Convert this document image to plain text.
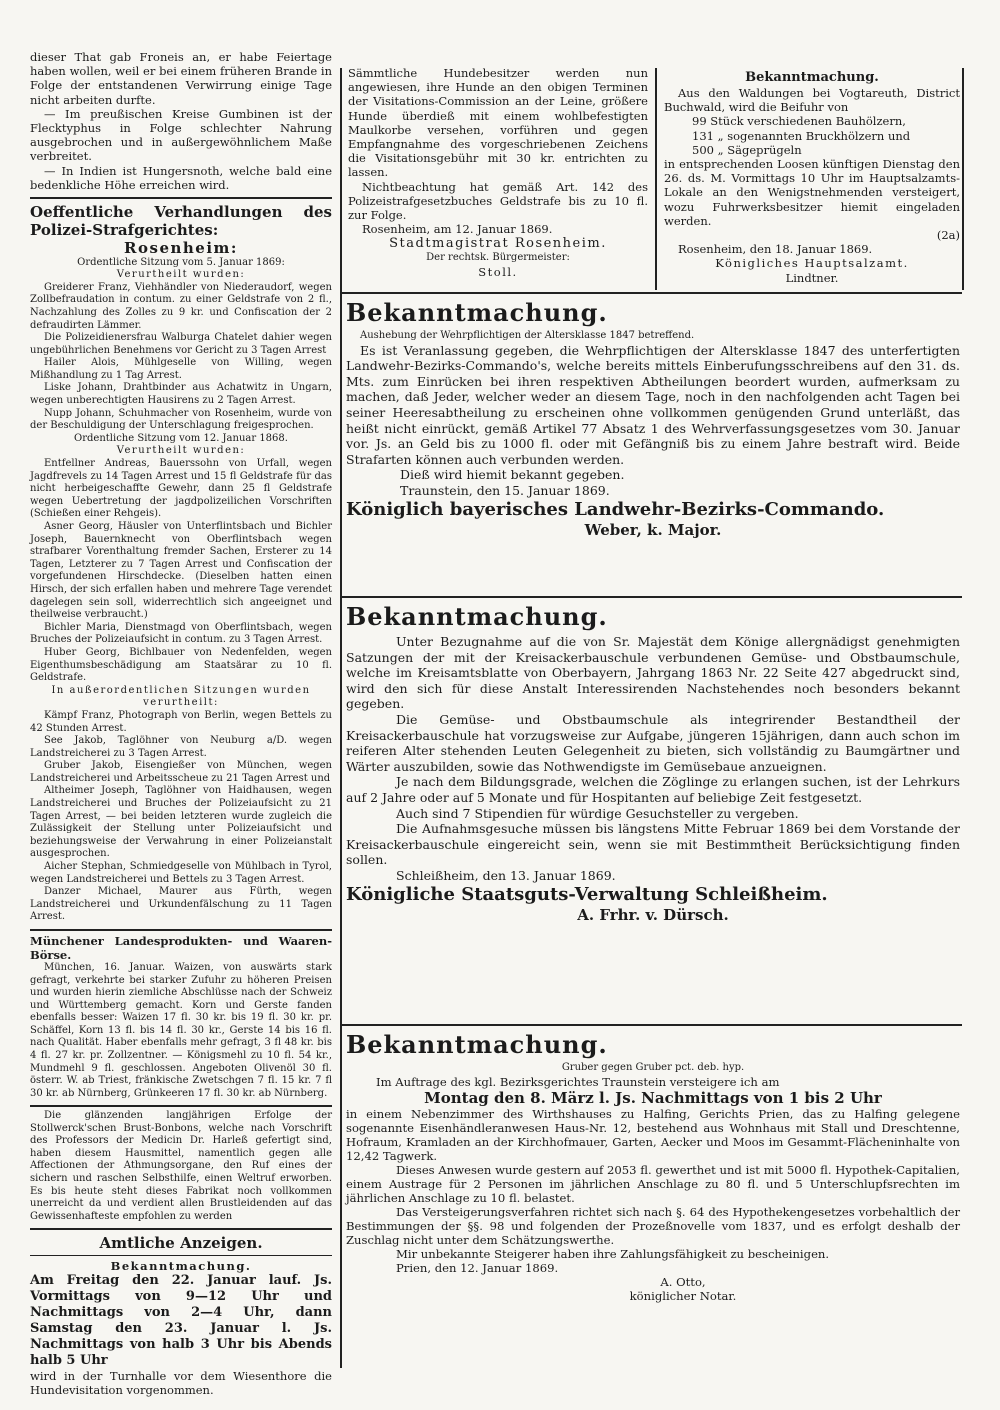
dieser That gab Froneis an, er habe Feiertage haben wollen, weil er bei einem früheren Brande in Folge der entstandenen Verwirrung einige Tage nicht arbeiten durfte.

— Im preußischen Kreise Gumbinen ist der Flecktyphus in Folge schlechter Nahrung ausgebrochen und in außergewöhnlichem Maße verbreitet.

— In Indien ist Hungersnoth, welche bald eine bedenkliche Höhe erreichen wird.

Oeffentliche Verhandlungen des Polizei-Strafgerichtes:

Rosenheim:

Ordentliche Sitzung vom 5. Januar 1869:

Verurtheilt wurden:

Greiderer Franz, Viehhändler von Niederaudorf, wegen Zollbefraudation in contum. zu einer Geldstrafe von 2 fl., Nachzahlung des Zolles zu 9 kr. und Confiscation der 2 defraudirten Lämmer.

Die Polizeidienersfrau Walburga Chatelet dahier wegen ungebührlichen Benehmens vor Gericht zu 3 Tagen Arrest

Hailer Alois, Mühlgeselle von Willing, wegen Mißhandlung zu 1 Tag Arrest.

Liske Johann, Drahtbinder aus Achatwitz in Ungarn, wegen unberechtigten Hausirens zu 2 Tagen Arrest.

Nupp Johann, Schuhmacher von Rosenheim, wurde von der Beschuldigung der Unterschlagung freigesprochen.

Ordentliche Sitzung vom 12. Januar 1868.

Verurtheilt wurden:

Entfellner Andreas, Bauerssohn von Urfall, wegen Jagdfrevels zu 14 Tagen Arrest und 15 fl Geldstrafe für das nicht herbeigeschaffte Gewehr, dann 25 fl Geldstrafe wegen Uebertretung der jagdpolizeilichen Vorschriften (Schießen einer Rehgeis).

Asner Georg, Häusler von Unterflintsbach und Bichler Joseph, Bauernknecht von Oberflintsbach wegen strafbarer Vorenthaltung fremder Sachen, Ersterer zu 14 Tagen, Letzterer zu 7 Tagen Arrest und Confiscation der vorgefundenen Hirschdecke. (Dieselben hatten einen Hirsch, der sich erfallen haben und mehrere Tage verendet dagelegen sein soll, widerrechtlich sich angeeignet und theilweise verbraucht.)

Bichler Maria, Dienstmagd von Oberflintsbach, wegen Bruches der Polizeiaufsicht in contum. zu 3 Tagen Arrest.

Huber Georg, Bichlbauer von Nedenfelden, wegen Eigenthumsbeschädigung am Staatsärar zu 10 fl. Geldstrafe.

In außerordentlichen Sitzungen wurden verurtheilt:

Kämpf Franz, Photograph von Berlin, wegen Bettels zu 42 Stunden Arrest.

See Jakob, Taglöhner von Neuburg a/D. wegen Landstreicherei zu 3 Tagen Arrest.

Gruber Jakob, Eisengießer von München, wegen Landstreicherei und Arbeitsscheue zu 21 Tagen Arrest und

Altheimer Joseph, Taglöhner von Haidhausen, wegen Landstreicherei und Bruches der Polizeiaufsicht zu 21 Tagen Arrest, — bei beiden letzteren wurde zugleich die Zulässigkeit der Stellung unter Polizeiaufsicht und beziehungsweise der Verwahrung in einer Polizeianstalt ausgesprochen.

Aicher Stephan, Schmiedgeselle von Mühlbach in Tyrol, wegen Landstreicherei und Bettels zu 3 Tagen Arrest.

Danzer Michael, Maurer aus Fürth, wegen Landstreicherei und Urkundenfälschung zu 11 Tagen Arrest.

Münchener Landesprodukten- und Waaren-Börse.

München, 16. Januar. Waizen, von auswärts stark gefragt, verkehrte bei starker Zufuhr zu höheren Preisen und wurden hierin ziemliche Abschlüsse nach der Schweiz und Württemberg gemacht. Korn und Gerste fanden ebenfalls besser: Waizen 17 fl. 30 kr. bis 19 fl. 30 kr. pr. Schäffel, Korn 13 fl. bis 14 fl. 30 kr., Gerste 14 bis 16 fl. nach Qualität. Haber ebenfalls mehr gefragt, 3 fl 48 kr. bis 4 fl. 27 kr. pr. Zollzentner. — Königsmehl zu 10 fl. 54 kr., Mundmehl 9 fl. geschlossen. Angeboten Olivenöl 30 fl. österr. W. ab Triest, fränkische Zwetschgen 7 fl. 15 kr. 7 fl 30 kr. ab Nürnberg, Grünkeeren 17 fl. 30 kr. ab Nürnberg.

Die glänzenden langjährigen Erfolge der Stollwerck'schen Brust-Bonbons, welche nach Vorschrift des Professors der Medicin Dr. Harleß gefertigt sind, haben diesem Hausmittel, namentlich gegen alle Affectionen der Athmungsorgane, den Ruf eines der sichern und raschen Selbsthilfe, einen Weltruf erworben. Es bis heute steht dieses Fabrikat noch vollkommen unerreicht da und verdient allen Brustleidenden auf das Gewissenhafteste empfohlen zu werden

Amtliche Anzeigen.

Bekanntmachung.

Am Freitag den 22. Januar lauf. Js. Vormittags von 9—12 Uhr und Nachmittags von 2—4 Uhr, dann Samstag den 23. Januar l. Js. Nachmittags von halb 3 Uhr bis Abends halb 5 Uhr

wird in der Turnhalle vor dem Wiesenthore die Hundevisitation vorgenommen.

Sämmtliche Hundebesitzer werden nun angewiesen, ihre Hunde an den obigen Terminen der Visitations-Commission an der Leine, größere Hunde überdieß mit einem wohlbefestigten Maulkorbe versehen, vorführen und gegen Empfangnahme des vorgeschriebenen Zeichens die Visitationsgebühr mit 30 kr. entrichten zu lassen.

Nichtbeachtung hat gemäß Art. 142 des Polizeistrafgesetzbuches Geldstrafe bis zu 10 fl. zur Folge.

Rosenheim, am 12. Januar 1869.

Stadtmagistrat Rosenheim.

Der rechtsk. Bürgermeister:

Stoll.

Bekanntmachung.

Aus den Waldungen bei Vogtareuth, District Buchwald, wird die Beifuhr von

99 Stück verschiedenen Bauhölzern,
131 „ sogenannten Bruckhölzern und
500 „ Sägeprügeln

in entsprechenden Loosen künftigen Dienstag den 26. ds. M. Vormittags 10 Uhr im Hauptsalzamts-Lokale an den Wenigstnehmenden versteigert, wozu Fuhrwerksbesitzer hiemit eingeladen werden.

(2a)

Rosenheim, den 18. Januar 1869.

Königliches Hauptsalzamt.

Lindtner.

Bekanntmachung.

Aushebung der Wehrpflichtigen der Altersklasse 1847 betreffend.

Es ist Veranlassung gegeben, die Wehrpflichtigen der Altersklasse 1847 des unterfertigten Landwehr-Bezirks-Commando's, welche bereits mittels Einberufungsschreibens auf den 31. ds. Mts. zum Einrücken bei ihren respektiven Abtheilungen beordert wurden, aufmerksam zu machen, daß Jeder, welcher weder an diesem Tage, noch in den nachfolgenden acht Tagen bei seiner Heeresabtheilung zu erscheinen ohne vollkommen genügenden Grund unterläßt, das heißt nicht einrückt, gemäß Artikel 77 Absatz 1 des Wehrverfassungsgesetzes vom 30. Januar vor. Js. an Geld bis zu 1000 fl. oder mit Gefängniß bis zu einem Jahre bestraft wird. Beide Strafarten können auch verbunden werden.

Dieß wird hiemit bekannt gegeben.

Traunstein, den 15. Januar 1869.

Königlich bayerisches Landwehr-Bezirks-Commando.

Weber, k. Major.

Bekanntmachung.

Unter Bezugnahme auf die von Sr. Majestät dem Könige allergnädigst genehmigten Satzungen der mit der Kreisackerbauschule verbundenen Gemüse- und Obstbaumschule, welche im Kreisamtsblatte von Oberbayern, Jahrgang 1863 Nr. 22 Seite 427 abgedruckt sind, wird den sich für diese Anstalt Interessirenden Nachstehendes noch besonders bekannt gegeben.

Die Gemüse- und Obstbaumschule als integrirender Bestandtheil der Kreisackerbauschule hat vorzugsweise zur Aufgabe, jüngeren 15jährigen, dann auch schon im reiferen Alter stehenden Leuten Gelegenheit zu bieten, sich vollständig zu Baumgärtner und Wärter auszubilden, sowie das Nothwendigste im Gemüsebaue anzueignen.

Je nach dem Bildungsgrade, welchen die Zöglinge zu erlangen suchen, ist der Lehrkurs auf 2 Jahre oder auf 5 Monate und für Hospitanten auf beliebige Zeit festgesetzt.

Auch sind 7 Stipendien für würdige Gesuchsteller zu vergeben.

Die Aufnahmsgesuche müssen bis längstens Mitte Februar 1869 bei dem Vorstande der Kreisackerbauschule eingereicht sein, wenn sie mit Bestimmtheit Berücksichtigung finden sollen.

Schleißheim, den 13. Januar 1869.

Königliche Staatsguts-Verwaltung Schleißheim.

A. Frhr. v. Dürsch.

Bekanntmachung.

Gruber gegen Gruber pct. deb. hyp.

Im Auftrage des kgl. Bezirksgerichtes Traunstein versteigere ich am

Montag den 8. März l. Js. Nachmittags von 1 bis 2 Uhr

in einem Nebenzimmer des Wirthshauses zu Halfing, Gerichts Prien, das zu Halfing gelegene sogenannte Eisenhändleranwesen Haus-Nr. 12, bestehend aus Wohnhaus mit Stall und Dreschtenne, Hofraum, Kramladen an der Kirchhofmauer, Garten, Aecker und Moos im Gesammt-Flächeninhalte von 12,42 Tagwerk.

Dieses Anwesen wurde gestern auf 2053 fl. gewerthet und ist mit 5000 fl. Hypothek-Capitalien, einem Austrage für 2 Personen im jährlichen Anschlage zu 80 fl. und 5 Unterschlupfsrechten im jährlichen Anschlage zu 10 fl. belastet.

Das Versteigerungsverfahren richtet sich nach §. 64 des Hypothekengesetzes vorbehaltlich der Bestimmungen der §§. 98 und folgenden der Prozeßnovelle vom 1837, und es erfolgt deshalb der Zuschlag nicht unter dem Schätzungswerthe.

Mir unbekannte Steigerer haben ihre Zahlungsfähigkeit zu bescheinigen.

Prien, den 12. Januar 1869.

A. Otto,

königlicher Notar.
